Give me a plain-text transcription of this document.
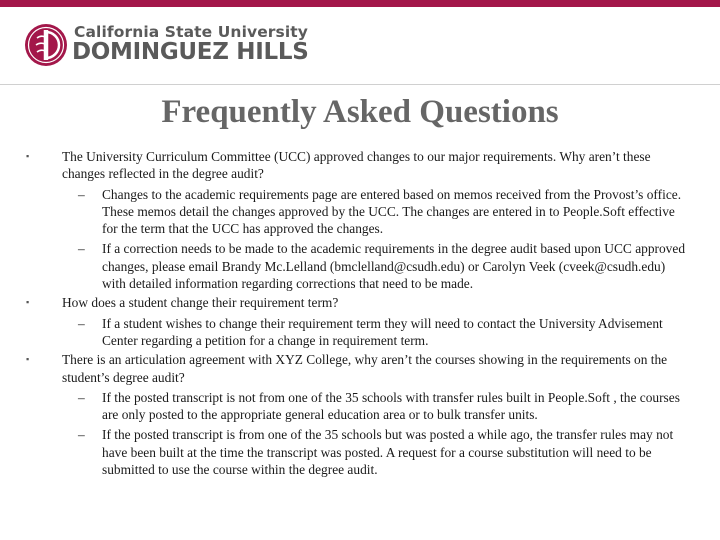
California State University
DOMINGUEZ HILLS
Frequently Asked Questions
▪ The University Curriculum Committee (UCC) approved changes to our major requirements. Why aren’t these changes reflected in the degree audit?
– Changes to the academic requirements page are entered based on memos received from the Provost’s office. These memos detail the changes approved by the UCC. The changes are entered in to People.Soft effective for the term that the UCC has approved the changes.
– If a correction needs to be made to the academic requirements in the degree audit based upon UCC approved changes, please email Brandy Mc.Lelland (bmclelland@csudh.edu) or Carolyn Veek (cveek@csudh.edu) with detailed information regarding corrections that need to be made.
▪ How does a student change their requirement term?
– If a student wishes to change their requirement term they will need to contact the University Advisement Center regarding a petition for a change in requirement term.
▪ There is an articulation agreement with XYZ College, why aren’t the courses showing in the requirements on the student’s degree audit?
– If the posted transcript is not from one of the 35 schools with transfer rules built in People.Soft , the courses are only posted to the appropriate general education area or to bulk transfer units.
– If the posted transcript is from one of the 35 schools but was posted a while ago, the transfer rules may not have been built at the time the transcript was posted. A request for a course substitution will need to be submitted to use the course within the degree audit.
